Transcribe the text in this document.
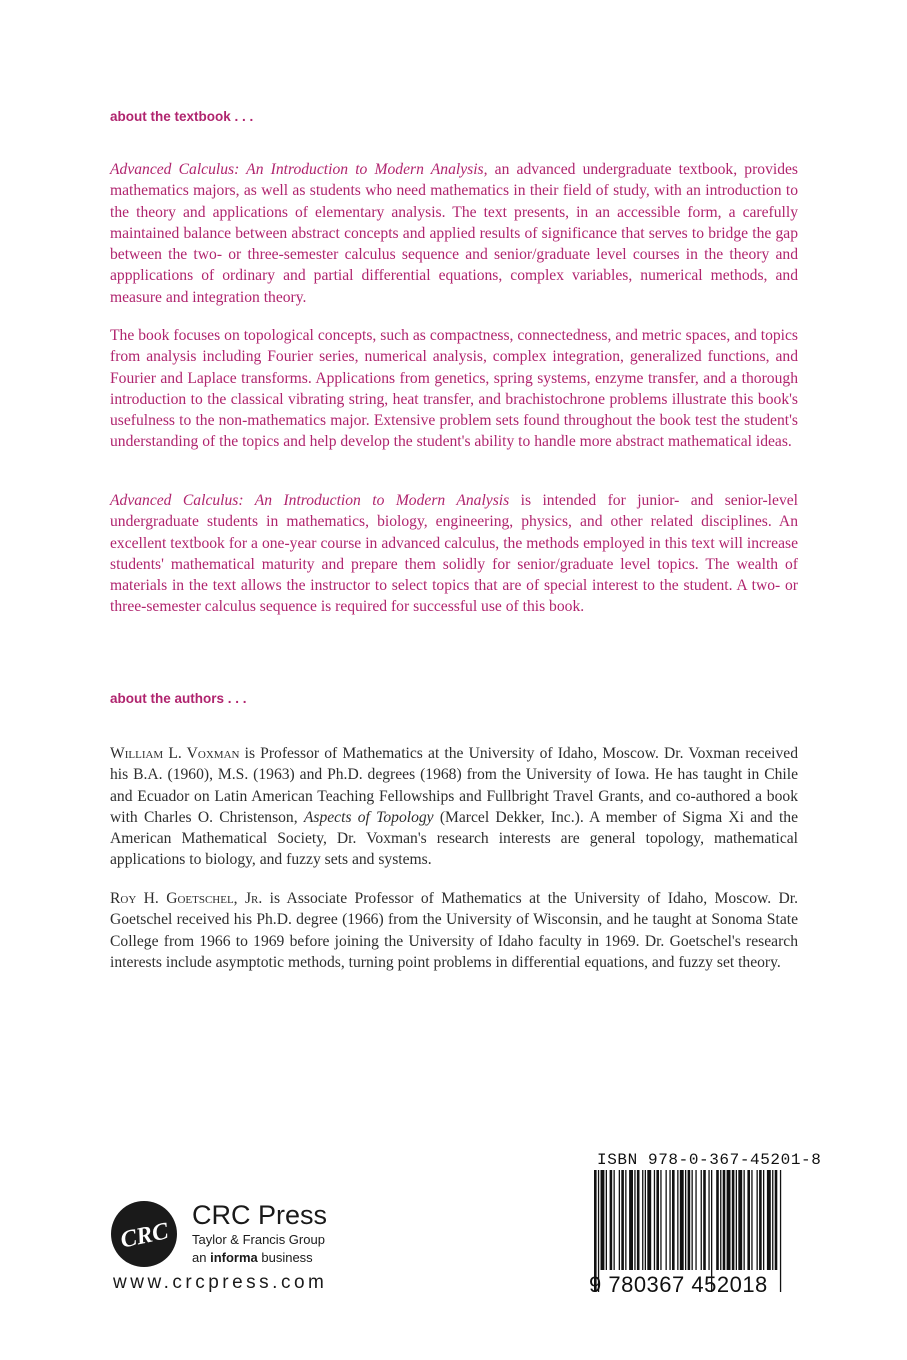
about the textbook . . .

Advanced Calculus: An Introduction to Modern Analysis, an advanced undergraduate textbook, provides mathematics majors, as well as students who need mathematics in their field of study, with an introduction to the theory and applications of elementary analysis. The text presents, in an accessible form, a carefully maintained balance between abstract concepts and applied results of significance that serves to bridge the gap between the two- or three-semester calculus sequence and senior/graduate level courses in the theory and appplications of ordinary and partial differential equations, complex variables, numerical methods, and measure and integration theory.

The book focuses on topological concepts, such as compactness, connectedness, and metric spaces, and topics from analysis including Fourier series, numerical analysis, complex integration, generalized functions, and Fourier and Laplace transforms. Applications from genetics, spring systems, enzyme transfer, and a thorough introduction to the classical vibrating string, heat transfer, and brachistochrone problems illustrate this book's usefulness to the non-mathematics major. Extensive problem sets found throughout the book test the student's understanding of the topics and help develop the student's ability to handle more abstract mathematical ideas.

Advanced Calculus: An Introduction to Modern Analysis is intended for junior- and senior-level undergraduate students in mathematics, biology, engineering, physics, and other related disciplines. An excellent textbook for a one-year course in advanced calculus, the methods employed in this text will increase students' mathematical maturity and prepare them solidly for senior/graduate level topics. The wealth of materials in the text allows the instructor to select topics that are of special interest to the student. A two- or three-semester calculus sequence is required for successful use of this book.

about the authors . . .

William L. Voxman is Professor of Mathematics at the University of Idaho, Moscow. Dr. Voxman received his B.A. (1960), M.S. (1963) and Ph.D. degrees (1968) from the University of Iowa. He has taught in Chile and Ecuador on Latin American Teaching Fellowships and Fullbright Travel Grants, and co-authored a book with Charles O. Christenson, Aspects of Topology (Marcel Dekker, Inc.). A member of Sigma Xi and the American Mathematical Society, Dr. Voxman's research interests are general topology, mathematical applications to biology, and fuzzy sets and systems.

Roy H. Goetschel, Jr. is Associate Professor of Mathematics at the University of Idaho, Moscow. Dr. Goetschel received his Ph.D. degree (1966) from the University of Wisconsin, and he taught at Sonoma State College from 1966 to 1969 before joining the University of Idaho faculty in 1969. Dr. Goetschel's research interests include asymptotic methods, turning point problems in differential equations, and fuzzy set theory.

CRC
CRC Press
Taylor & Francis Group
an informa business
www.crcpress.com
ISBN 978-0-367-45201-8
9 780367 452018
